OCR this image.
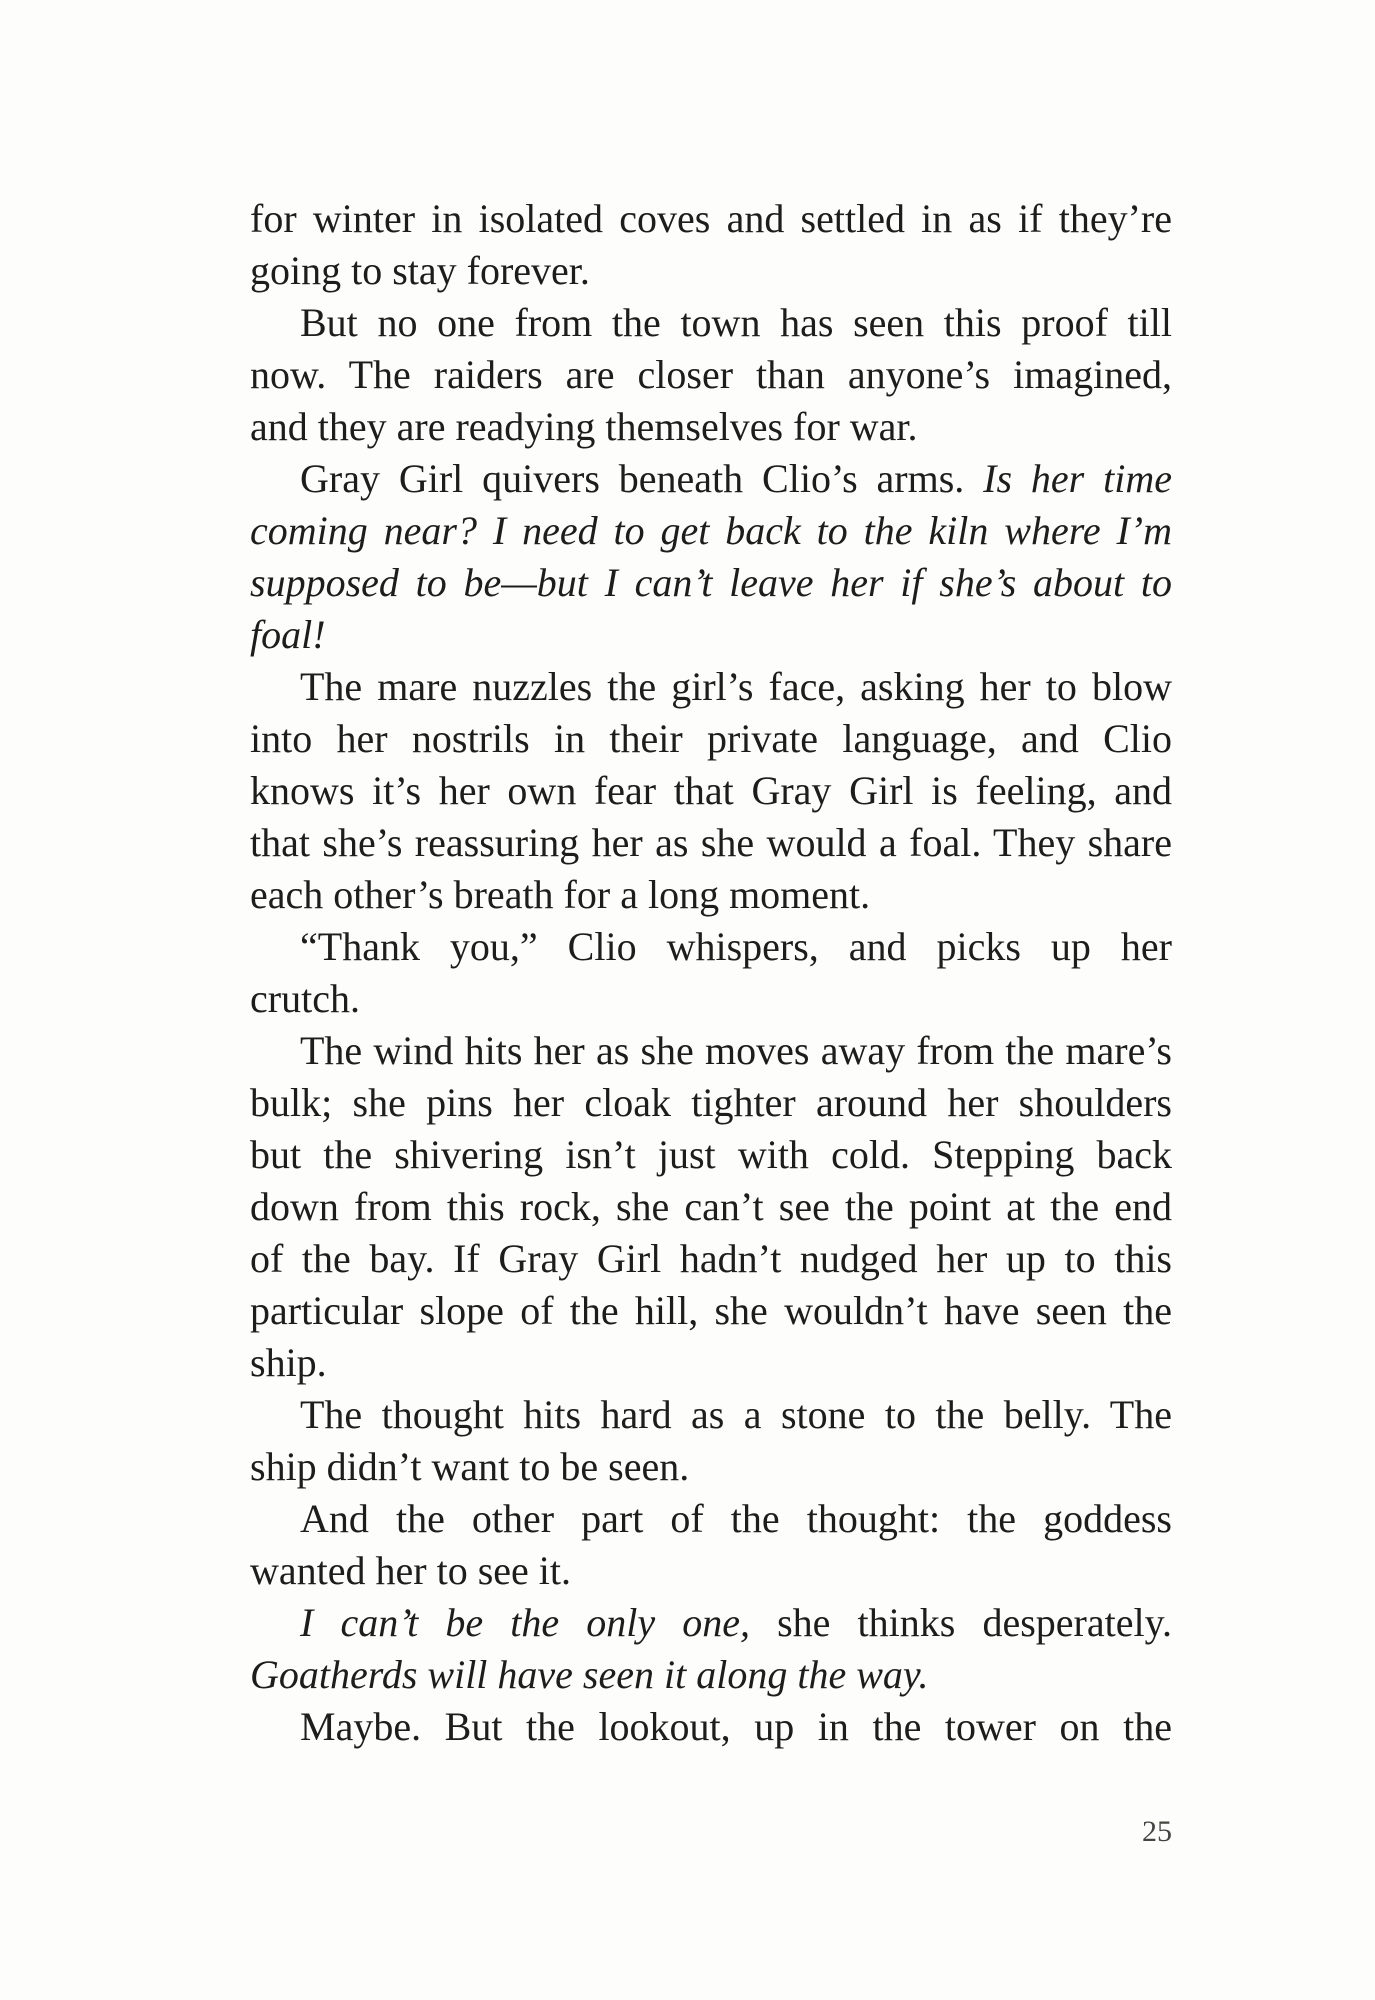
for winter in isolated coves and settled in as if they’re
going to stay forever.
But no one from the town has seen this proof till
now. The raiders are closer than anyone’s imagined,
and they are readying themselves for war.
Gray Girl quivers beneath Clio’s arms. Is her time
coming near? I need to get back to the kiln where I’m
supposed to be—but I can’t leave her if she’s about to
foal!
The mare nuzzles the girl’s face, asking her to blow
into her nostrils in their private language, and Clio
knows it’s her own fear that Gray Girl is feeling, and
that she’s reassuring her as she would a foal. They share
each other’s breath for a long moment.
“Thank you,” Clio whispers, and picks up her
crutch.
The wind hits her as she moves away from the mare’s
bulk; she pins her cloak tighter around her shoulders
but the shivering isn’t just with cold. Stepping back
down from this rock, she can’t see the point at the end
of the bay. If Gray Girl hadn’t nudged her up to this
particular slope of the hill, she wouldn’t have seen the
ship.
The thought hits hard as a stone to the belly. The
ship didn’t want to be seen.
And the other part of the thought: the goddess
wanted her to see it.
I can’t be the only one, she thinks desperately.
Goatherds will have seen it along the way.
Maybe. But the lookout, up in the tower on the
25
